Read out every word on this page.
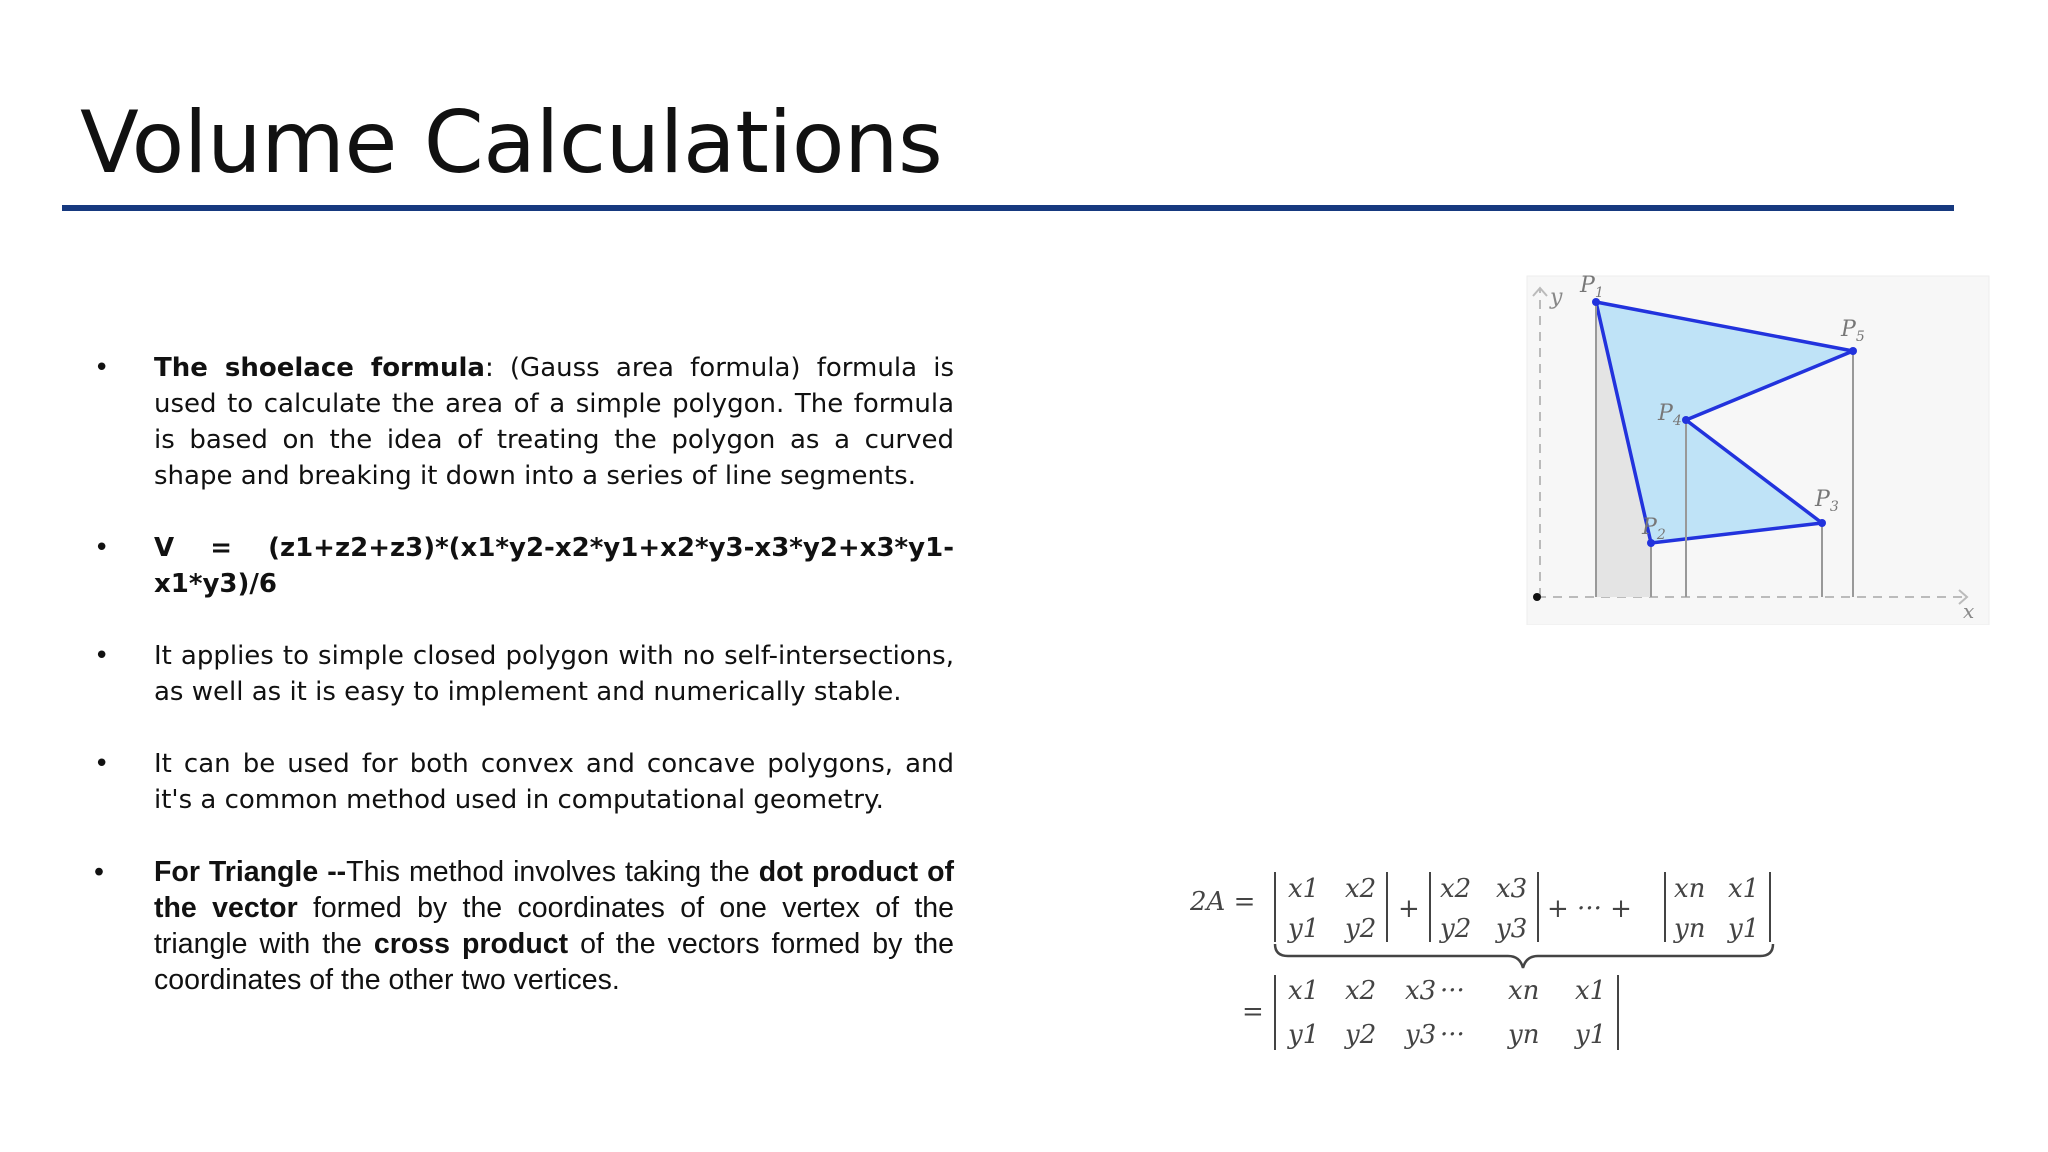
Volume Calculations
• The shoelace formula: (Gauss area formula) formula is used to calculate the area of a simple polygon. The formula is based on the idea of treating the polygon as a curved shape and breaking it down into a series of line segments.
• V = (z1+z2+z3)*(x1*y2-x2*y1+x2*y3-x3*y2+x3*y1-x1*y3)/6
• It applies to simple closed polygon with no self-intersections, as well as it is easy to implement and numerically stable.
• It can be used for both convex and concave polygons, and it's a common method used in computational geometry.
• For Triangle --This method involves taking the dot product of the vector formed by the coordinates of one vertex of the triangle with the cross product of the vectors formed by the coordinates of the other two vertices.
y
x
$P_1$
$P_2$
$P_3$
$P_4$
$P_5$
2A = x1 x2
y1 y2
+
x2 x3
y2 y3
+ ··· +
xn x1
yn y1
=
x1 x2 x3 ··· xn x1
y1 y2 y3 ··· yn y1
